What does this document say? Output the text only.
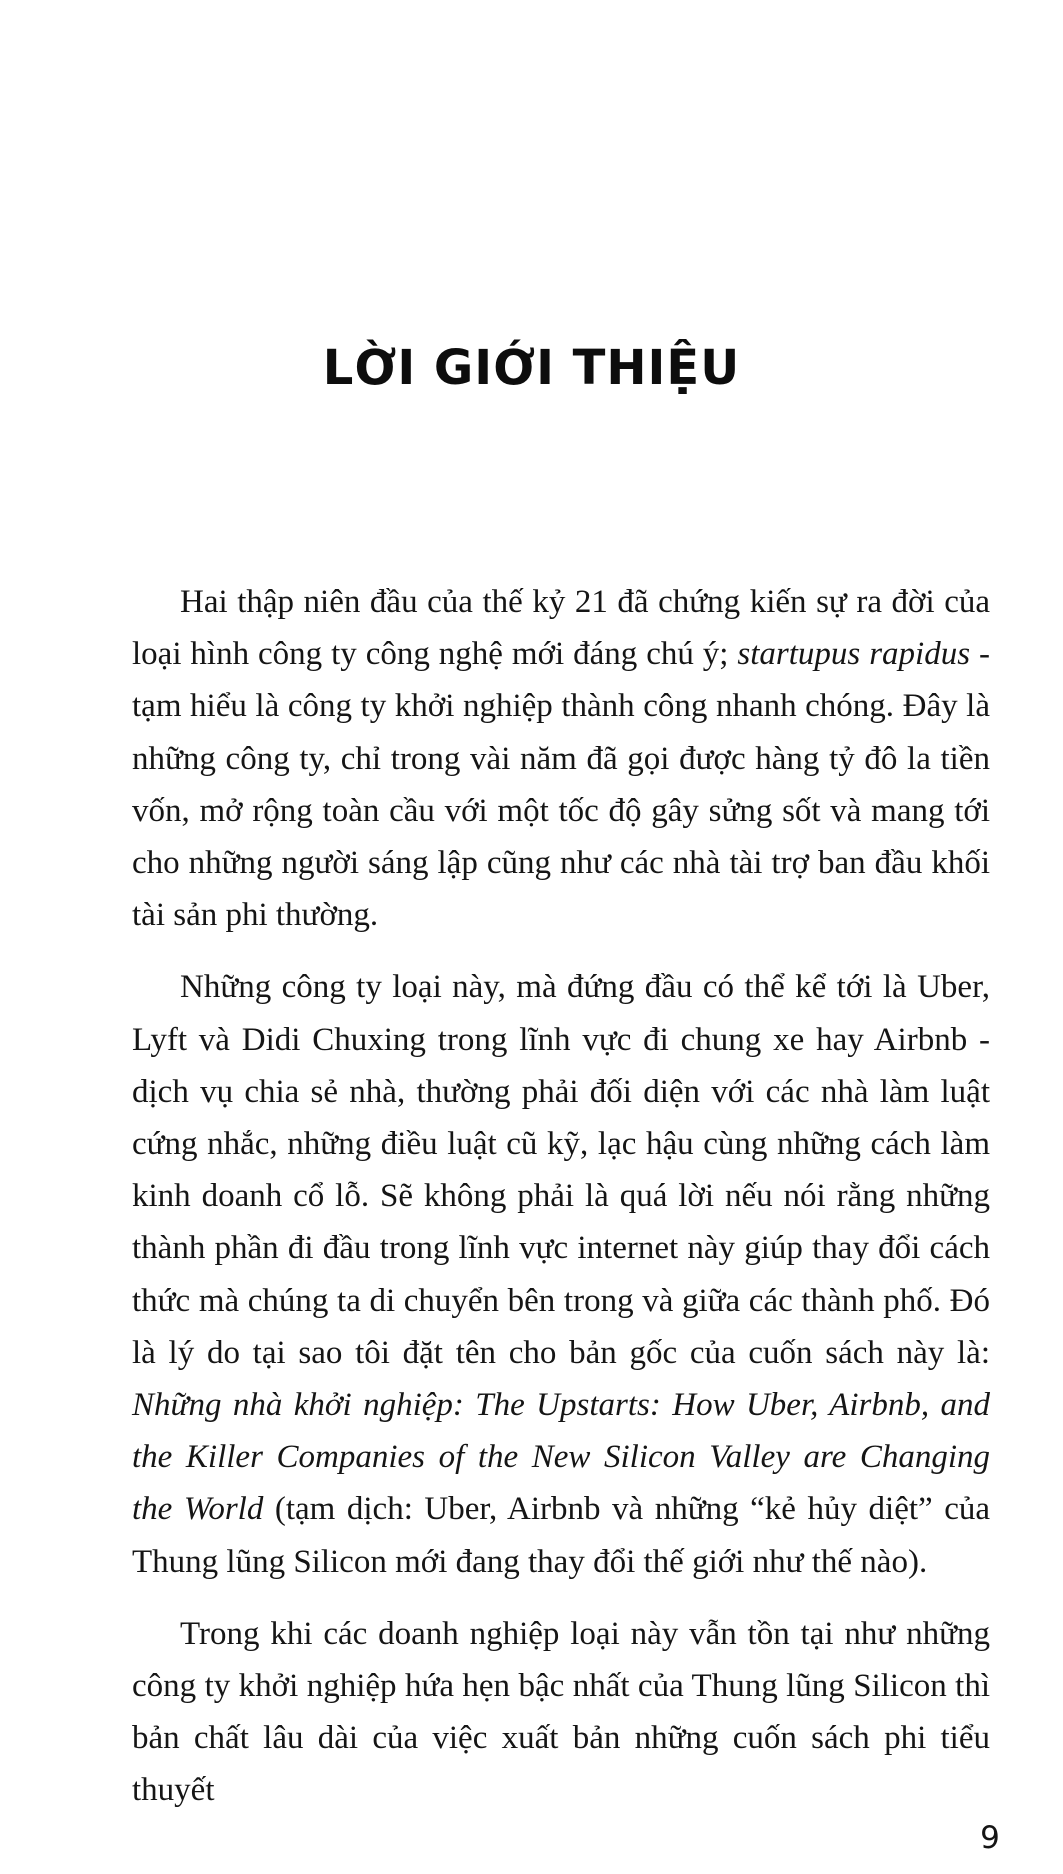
LỜI GIỚI THIỆU

Hai thập niên đầu của thế kỷ 21 đã chứng kiến sự ra đời của loại hình công ty công nghệ mới đáng chú ý; startupus rapidus - tạm hiểu là công ty khởi nghiệp thành công nhanh chóng. Đây là những công ty, chỉ trong vài năm đã gọi được hàng tỷ đô la tiền vốn, mở rộng toàn cầu với một tốc độ gây sửng sốt và mang tới cho những người sáng lập cũng như các nhà tài trợ ban đầu khối tài sản phi thường.

Những công ty loại này, mà đứng đầu có thể kể tới là Uber, Lyft và Didi Chuxing trong lĩnh vực đi chung xe hay Airbnb - dịch vụ chia sẻ nhà, thường phải đối diện với các nhà làm luật cứng nhắc, những điều luật cũ kỹ, lạc hậu cùng những cách làm kinh doanh cổ lỗ. Sẽ không phải là quá lời nếu nói rằng những thành phần đi đầu trong lĩnh vực internet này giúp thay đổi cách thức mà chúng ta di chuyển bên trong và giữa các thành phố. Đó là lý do tại sao tôi đặt tên cho bản gốc của cuốn sách này là: Những nhà khởi nghiệp: The Upstarts: How Uber, Airbnb, and the Killer Companies of the New Silicon Valley are Changing the World (tạm dịch: Uber, Airbnb và những “kẻ hủy diệt” của Thung lũng Silicon mới đang thay đổi thế giới như thế nào).

Trong khi các doanh nghiệp loại này vẫn tồn tại như những công ty khởi nghiệp hứa hẹn bậc nhất của Thung lũng Silicon thì bản chất lâu dài của việc xuất bản những cuốn sách phi tiểu thuyết

9
